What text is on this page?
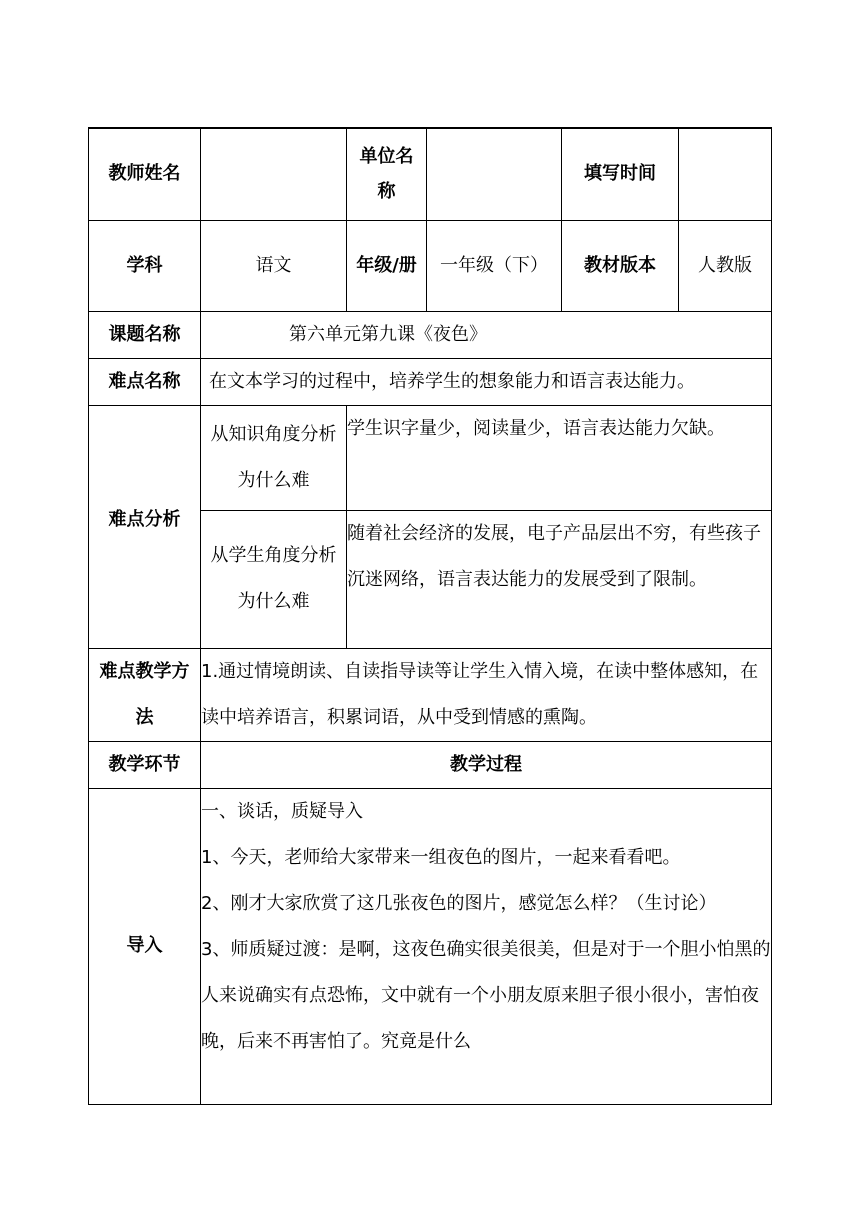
教师姓名		单位名称		填写时间	
学科	语文	年级/册	一年级（下）	教材版本	人教版
课题名称	第六单元第九课《夜色》				
难点名称	在文本学习的过程中，培养学生的想象能力和语言表达能力。				
难点分析	从知识角度分析为什么难	学生识字量少，阅读量少，语言表达能力欠缺。			
	从学生角度分析为什么难	随着社会经济的发展，电子产品层出不穷，有些孩子沉迷网络，语言表达能力的发展受到了限制。			
难点教学方法	1.通过情境朗读、自读指导读等让学生入情入境，在读中整体感知，在读中培养语言，积累词语，从中受到情感的熏陶。				
教学环节	教学过程				
导入	一、谈话，质疑导入

1、今天，老师给大家带来一组夜色的图片，一起来看看吧。

2、刚才大家欣赏了这几张夜色的图片，感觉怎么样？（生讨论）

3、师质疑过渡：是啊，这夜色确实很美很美，但是对于一个胆小怕黑的人来说确实有点恐怖，文中就有一个小朋友原来胆子很小很小，害怕夜晚，后来不再害怕了。究竟是什么				
